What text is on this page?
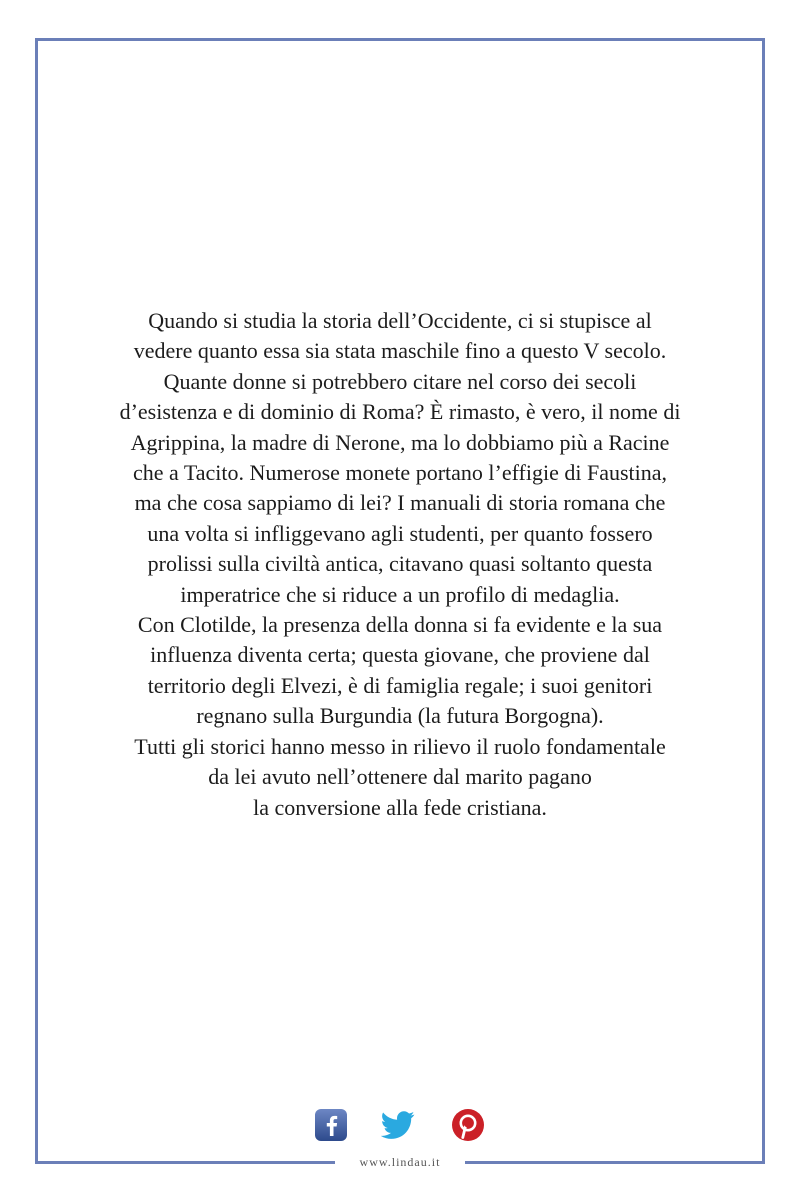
Quando si studia la storia dell’Occidente, ci si stupisce al
vedere quanto essa sia stata maschile fino a questo V secolo.
Quante donne si potrebbero citare nel corso dei secoli
d’esistenza e di dominio di Roma? È rimasto, è vero, il nome di
Agrippina, la madre di Nerone, ma lo dobbiamo più a Racine
che a Tacito. Numerose monete portano l’effigie di Faustina,
ma che cosa sappiamo di lei? I manuali di storia romana che
una volta si infliggevano agli studenti, per quanto fossero
prolissi sulla civiltà antica, citavano quasi soltanto questa
imperatrice che si riduce a un profilo di medaglia.
Con Clotilde, la presenza della donna si fa evidente e la sua
influenza diventa certa; questa giovane, che proviene dal
territorio degli Elvezi, è di famiglia regale; i suoi genitori
regnano sulla Burgundia (la futura Borgogna).
Tutti gli storici hanno messo in rilievo il ruolo fondamentale
da lei avuto nell’ottenere dal marito pagano
la conversione alla fede cristiana.
www.lindau.it
